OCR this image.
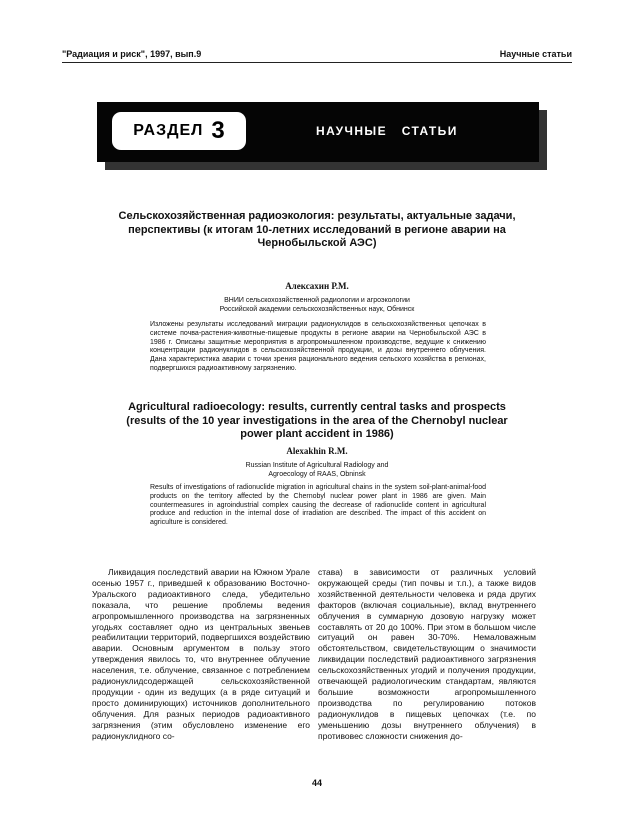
"Радиация и риск", 1997, вып.9	Научные статьи
РАЗДЕЛ 3	НАУЧНЫЕ СТАТЬИ
Сельскохозяйственная радиоэкология: результаты, актуальные задачи, перспективы (к итогам 10-летних исследований в регионе аварии на Чернобыльской АЭС)
Алексахин Р.М.
ВНИИ сельскохозяйственной радиологии и агроэкологии
Российской академии сельскохозяйственных наук, Обнинск
Изложены результаты исследований миграции радионуклидов в сельскохозяйственных цепочках в системе почва-растения-животные-пищевые продукты в регионе аварии на Чернобыльской АЭС в 1986 г. Описаны защитные мероприятия в агропромышленном производстве, ведущие к снижению концентрации радионуклидов в сельскохозяйственной продукции, и дозы внутреннего облучения. Дана характеристика аварии с точки зрения рационального ведения сельского хозяйства в регионах, подвергшихся радиоактивному загрязнению.
Agricultural radioecology: results, currently central tasks and prospects (results of the 10 year investigations in the area of the Chernobyl nuclear power plant accident in 1986)
Alexakhin R.M.
Russian Institute of Agricultural Radiology and
Agroecology of RAAS, Obninsk
Results of investigations of radionuclide migration in agricultural chains in the system soil-plant-animal-food products on the territory affected by the Chernobyl nuclear power plant in 1986 are given. Main countermeasures in agroindustrial complex causing the decrease of radionuclide content in agricultural produce and reduction in the internal dose of irradiation are described. The impact of this accident on agriculture is considered.
Ликвидация последствий аварии на Южном Урале осенью 1957 г., приведшей к образованию Восточно-Уральского радиоактивного следа, убедительно показала, что решение проблемы ведения агропромышленного производства на загрязненных угодьях составляет одно из центральных звеньев реабилитации территорий, подвергшихся воздействию аварии. Основным аргументом в пользу этого утверждения явилось то, что внутреннее облучение населения, т.е. облучение, связанное с потреблением радионуклидсодержащей сельскохозяйственной продукции - один из ведущих (а в ряде ситуаций и просто доминирующих) источников дополнительного облучения. Для разных периодов радиоактивного загрязнения (этим обусловлено изменение его радионуклидного со-
става) в зависимости от различных условий окружающей среды (тип почвы и т.п.), а также видов хозяйственной деятельности человека и ряда других факторов (включая социальные), вклад внутреннего облучения в суммарную дозовую нагрузку может составлять от 20 до 100%. При этом в большом числе ситуаций он равен 30-70%. Немаловажным обстоятельством, свидетельствующим о значимости ликвидации последствий радиоактивного загрязнения сельскохозяйственных угодий и получения продукции, отвечающей радиологическим стандартам, являются большие возможности агропромышленного производства по регулированию потоков радионуклидов в пищевых цепочках (т.е. по уменьшению дозы внутреннего облучения) в противовес сложности снижения до-
44
